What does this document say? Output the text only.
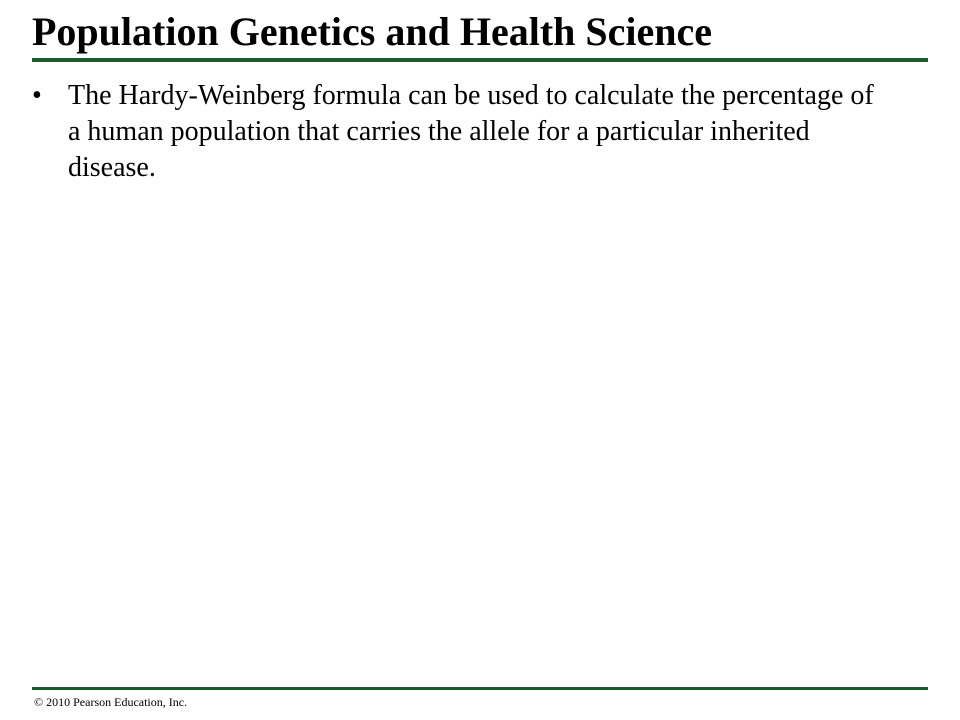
Population Genetics and Health Science
• The Hardy-Weinberg formula can be used to calculate the percentage of a human population that carries the allele for a particular inherited disease.

© 2010 Pearson Education, Inc.
